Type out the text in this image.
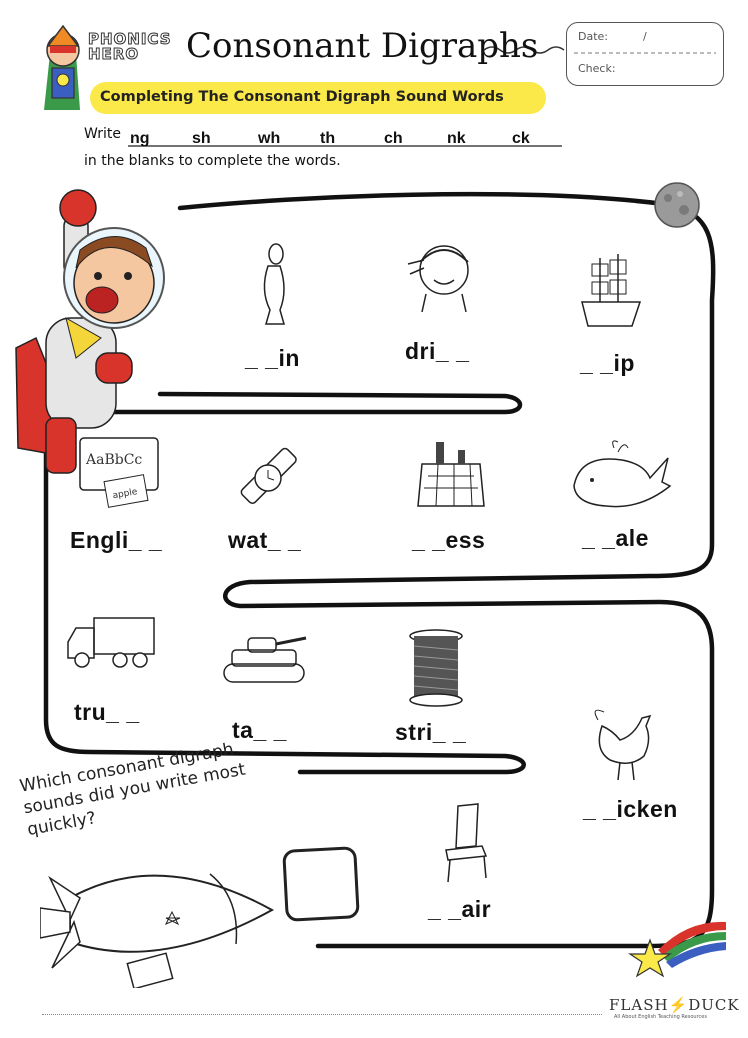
PHONICS
HERO	Consonant Digraphs
Completing The Consonant Digraph Sound Words
Date:	/
Check:
Write ng	sh	wh th	ch	nk	ck
in the blanks to complete the words.
_ _in	dri_ _	_ _ip
AaBbCc
apple
Engli_ _	wat_ _	_ _ess	_ _ale
tru_ _
ta_ _	stri_ _
_ _icken
_ _air
Which consonant digraph sounds did you write most quickly?
FLASH⚡DUCK
All About English Teaching Resources
